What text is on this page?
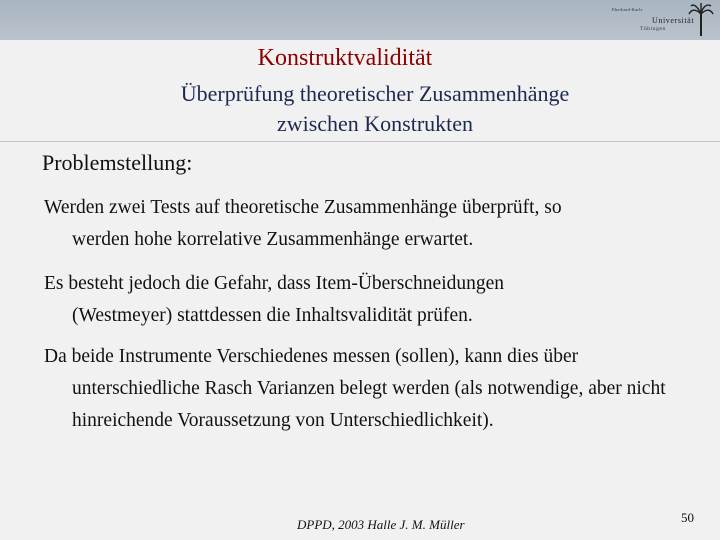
Eberhard-Karls
Universität
Tübingen
Konstruktvalidität
Überprüfung theoretischer Zusammenhänge
zwischen Konstrukten
Problemstellung:
Werden zwei Tests auf theoretische Zusammenhänge überprüft, so
werden hohe korrelative Zusammenhänge erwartet.
Es besteht jedoch die Gefahr, dass Item-Überschneidungen
(Westmeyer) stattdessen die Inhaltsvalidität prüfen.
Da beide Instrumente Verschiedenes messen (sollen), kann dies über
unterschiedliche Rasch Varianzen belegt werden (als notwendige, aber nicht hinreichende Voraussetzung von Unterschiedlichkeit).
DPPD, 2003 Halle J. M. Müller	50
